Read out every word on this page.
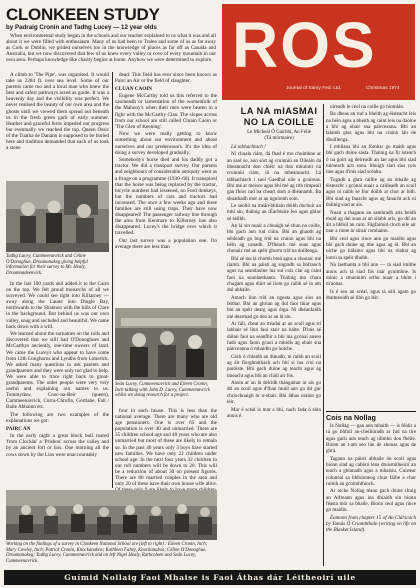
CLONKEEN STUDY
by Padraig Cronin and Tadhg Lucey — 12 year olds

When environmental study began in the schools and our teacher explained to us what it was and all about it we were filled with enthusiasm. Many of us had been to Tralee and some of us as far away as Cork or Dublin, we prided ourselves too in the knowledge of places as far off as Canada and Australia, but we now discovered that few of us knew every valley or cove of every mountain in our own area. Perhaps knowledge like charity begins at home. Anyhow we were determined to explore.

A climb to 'The Pipe', was organised. It would take us 2284 ft. over sea level. Some of our parents came too and a local man who knew the best and safest pathways acted as guide. It was a heavenly day and the visibility was perfect. We never realised the beauty of our own area and the ghosts until we viewed them spread out beneath us in the fresh green garb of early summer. Heather and graceful ferns impeded our progress but eventually we reached the top. Queen Ossic of the Tuatha de Danann is supposed to be buried here and tradition demanded that each of us took a stone

Tadhg Lucey, Cummeenavrick and Céline O'Donoghue, Droumanakeg giving helpful information for their survey to Mr. Healy, Droumnadeenvick.

In the last 100 yards and added it to the Cairn on the top. We felt proud monarchs of all we surveyed. We could see right into Killarney — away along the Laune into Dingle Bay, northwards to the Shannon with the hills of Clare in the background. But behind us was our own valley, snug and secluded and beautiful. We came back down with a will.

We learned about the surnames on the rolls and discovered that we still had O'Donoghues and McCarthys anciently, one-time owners of land. We came the Luceys who appear to have come from 12th Longhorns and Lyndhs from Limerick. We asked many questions to ask parents and grandparents and they were only too glad to help. We were able to trace right back to great-grandparents. The older people were very very useful and explaining our names to us. Tommydaw, Cnoc-na-Beir (queen), Cummeenavrick, Curra-Chrofin, Gortlahe, Fall / Baile Abhainn etc.

The following are two examples of the explanations we got:

PAIRC AN

In the early night a great block bull roared 'from Clochán' a 'Prisbon' across the valley and by an ancient fort or lios. One morning all the cows down by the Lios were unaccountably

dead. This field has ever since been known as Pairc an Air or the field of slaughter.

CLUAN CAOIN

Eugene McCarthy told us this referred to the caoineadh or lamentation of the womenfolk of the Mahony's when their men were beaten in a fight with the McCarthy Clan. The slopes across from our school are still called Cluain Caoin or 'The Glen of Keening'.

Now we were really getting to know something about our environment and about ourselves and our predecessors. It's the idea of doing a survey developed gradually.

Somebody's horse died and his daddy got a tractor. We did a transport survey. Our parents and neighbours of considerable antiquity went as a fringe on a programme (1930–60). It transpired that the horse was being replaced by the tractor, bicycle numbers had lessened, no Ford donkeys, but the numbers of cars and tractors had increased. The once a few weeks ago and three families are still using traps. They have now disappeared! The passenger railway line through the area from Kenmare to Killorney has also disappeared. Lucey's the bridge over which it travelled.

Our last survey was a population one. On average there are less than

Seán Lucey, Cummeenavrick and Eileen Cronin, Inch talking with John D. Lucey, Cummeenavrick whilst we doing research for a project.

four in each house. This is less than the national average. There are many who are old age pensioners. One is over 65 and the population is over 40 and unmarried. There are 35 children school age and 40 years who are also unmarried but most of these are likely to remain so. In the past 40 years only 3 boys have started new families. We have only 22 children under school age. In the next four years 32 children in our roll numbers will be down to 20. This will be a reduction of about 30 on present figures. There are 80 married couples in the area and only 20 of these have their own house wife alive.

Working on the findings of a survey in Clonkeen National School are (left to right) : Eileen Cronin, Inch; Mary Cowley, Inch; Patrick Cronin, Knockanabos; Kathleen Fahey, Knockanabos; Céline O'Donoghue, Droumanakeg; Tadhg Lucey, Cummeenavrick and on left Nigel Healy, Rathcoleen and Seán Lucey, Cummeenavrick.
ROS
Journal of Sanry Fed. Ltd.	Christmas 1974
LA NA mIASMAI
NO LA COILLE
Le Micheál Ó Gairbhí, An Féile
(Tá mórmaire)

Lá tabhachtach !

Ní chuala riám, dá fhad é mo chuimhne ar an saol so, aon sórt ag cruinniú an Oileáin dá bheannacht don chléir ná don mhuintir ná cruinniú riám, lá na mbeannacht. Lá tábhachtach i saol Gaedhal uile a gcuireas. Bhí mé ar meisce agus bhí mé ag rith timpeall gan fhios cad ba cheart dom a dhéanamh. Ba shuathadh mór ar an ngníomh soin.

Le seoltó na meán-bhliain dóibh dochuir an mhí sin, tháinig an tÉachtaire leo agus ghlac sé seilbh.

An lá sin nuair a chuaigh sé chun na coille, bhí gach aon rud ciúin. Bhí an ghaoth ag séideadh go bog tríd na crainn agus bhí na héin ag canadh. D'fhéach mé suas agus chonaic mé an spéir ghorm tríd na duilleoga.

Bhí sé ina lá chomh breá agus a chonaic mé riamh. Bhí na páistí ag súgradh sa bhfraoch agus na seandaoine ina suí cois claí ag caint faoi na seanlaethanta. Tháinig mo chara chugam agus dúirt sé liom go raibh sé in am dul abhaile.

Amach linn tríd an ngeata agus síos an bóthar. Bhí an ghrian ag dul faoi thiar agus bhí an spéir dearg agus órga. Ní dhéanfaidh mé dearmad go deo ar an lá sin.

Ar fáil, cheat an tréadaí ar an scoil agus trí labhair sé linn faoi stair na háite. D'inis sé dúinn faoi na seanfhir a bhí ina gcónaí anseo fadó agus faoin gcaoi a mbídís ag obair sna páirceanna ó mhaidin go hoíche.

Cách ó chlaidh an dúnadh, ní raibh an scoil ag áit fíorghnóthach ach bhí sí ina croí na paróiste. Bhí gach duine ag teacht agus ag imeacht agus bhí an cháil air fós.

Ansin ar an lá deiridh thángamar ar ais go dtí an scoil agus d'fhan muid ann go dtí gur chríochnaigh ár n-obair. Bhí áthas orainn go léir.

Mar é scéal is mar a bhí, nach fada ó shin anois é.

oireadh le ceol na coille go hiomlán.

Ba dheas an rud a bheith ag éisteacht leis na héin agus a bheith ag caint leis na daoine a bhí ag obair sna páirceanna. Bhí an talamh glas agus bhí na crainn lán de dhuilleoga.

I mbliana bhí an fómhar go maith agus bhí gach duine sásta. Tháinig na fir isteach ó na goirt ag deireadh an lae agus bhí siad tuirseach ach sona. Shuigh siad síos cois tine agus d'inis siad scéalta.

Tugadh a ghrá caillte ag an mbaile ag éisteacht i gcónaí nuair a cailleadh an scoil agus ní raibh sé fíor dóibh ar chor ar bith. Bhí siad ag fanacht agus ag fanacht ach ní tháinig siad ar ais.

Nuair a thagann an samhradh arís beidh muid ag dul suas ar an sliabh arís, go dtí an áit a bhfuil an carn. Fágfaimid cloch eile air mar a rinne ár sinsir romhainn.

Bhí ceol agus rince ann go maidin agus bhí gach duine ag ithe agus ag ól. Bhí an oíche go hálainn agus bhí na réaltaí ag lonrú sa spéir dhubh.

Na laethanta a bhí ann — tá siad imithe anois ach tá siad fós inár gcuimhne. Is minic a smaoiním orthu nuair a bhím i m'aonar.

Is é seo an scéal, agus tá súil agam go dtaitneoidh sé libh go léir.

Cois na Nollag

Is Nollag — gan aon mhaith — is féidir a rá go bhfuil an-cheiliúradh ar fud na tíre agus gach aon teach ag ullmhú don fhéile. Bíonn an t-am seo lán de shonas agus de ghrá.

Tagann na páistí abhaile ón scoil agus bíonn siad ag cabhrú lena dtuismitheoirí an teach a ghlanadh agus a mhaisiú. Cuirtear coinneal sa bhfuinneog chun fáilte a chur roimh an gcoimhthíoch.

Ar oíche Nollag téann gach duine chuig an Aifreann agus ina dhiaidh sin bíonn féasta mór sa bhaile. Bíonn ceol agus rince go maidin.

Éamonn from chapter 15 of An Clárscach by Tomás Ó Criomhthain (writing on life on the Blasket Island).

Guímid Nollaig Faoi Mhaise is Faoi Áthas dár Léitheoirí uile
